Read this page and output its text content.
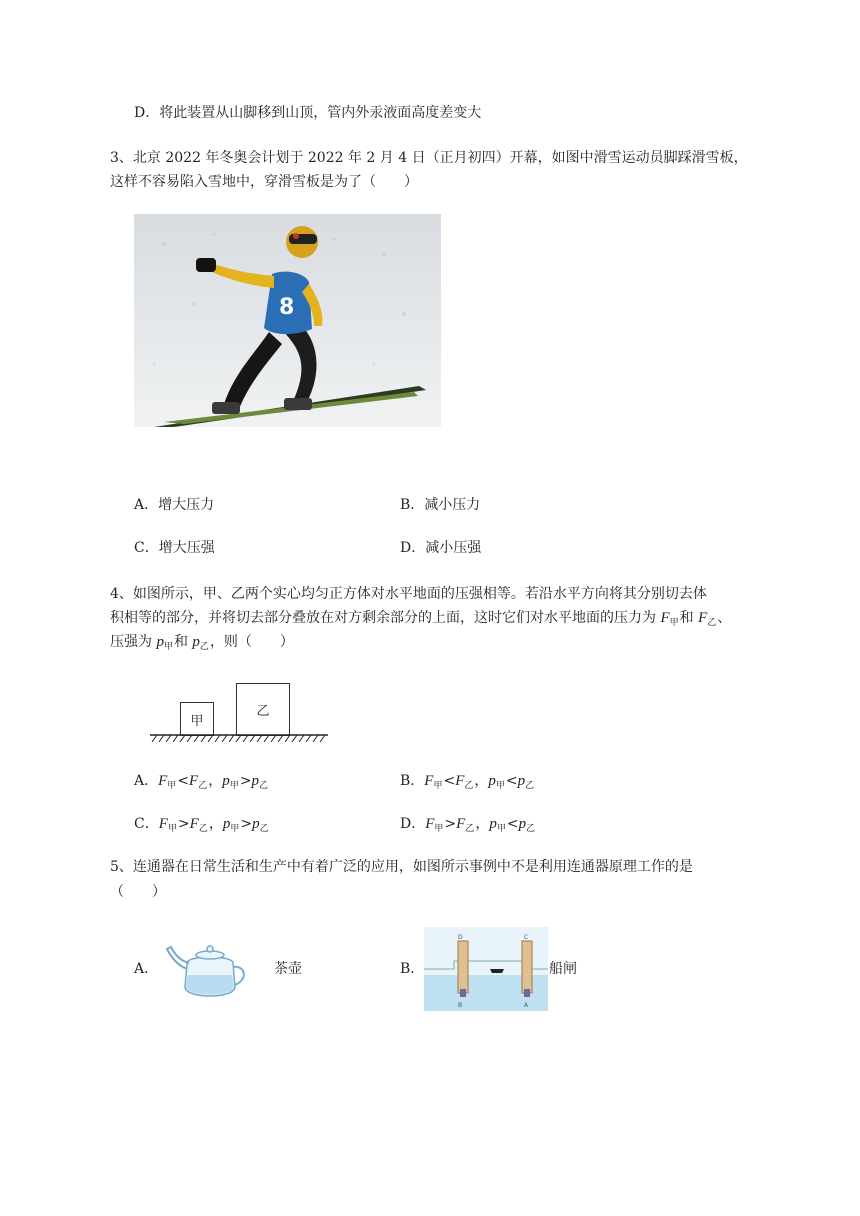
D．将此装置从山脚移到山顶，管内外汞液面高度差变大
3、北京 2022 年冬奥会计划于 2022 年 2 月 4 日（正月初四）开幕，如图中滑雪运动员脚踩滑雪板，
这样不容易陷入雪地中，穿滑雪板是为了（　　）
8
A．增大压力	B．减小压力
C．增大压强	D．减小压强
4、如图所示，甲、乙两个实心均匀正方体对水平地面的压强相等。若沿水平方向将其分别切去体
积相等的部分，并将切去部分叠放在对方剩余部分的上面，这时它们对水平地面的压力为 $F_甲$和 $F_乙$、
压强为 $p_甲$和 $p_乙$，则（　　）
甲
乙
A．$F_甲<F_乙$，$p_甲>p_乙$	B．$F_甲<F_乙$，$p_甲<p_乙$
C．$F_甲>F_乙$，$p_甲>p_乙$	D．$F_甲>F_乙$，$p_甲<p_乙$
5、连通器在日常生活和生产中有着广泛的应用，如图所示事例中不是利用连通器原理工作的是
（　　）
A．	茶壶	B．
D	C
B	A
船闸
